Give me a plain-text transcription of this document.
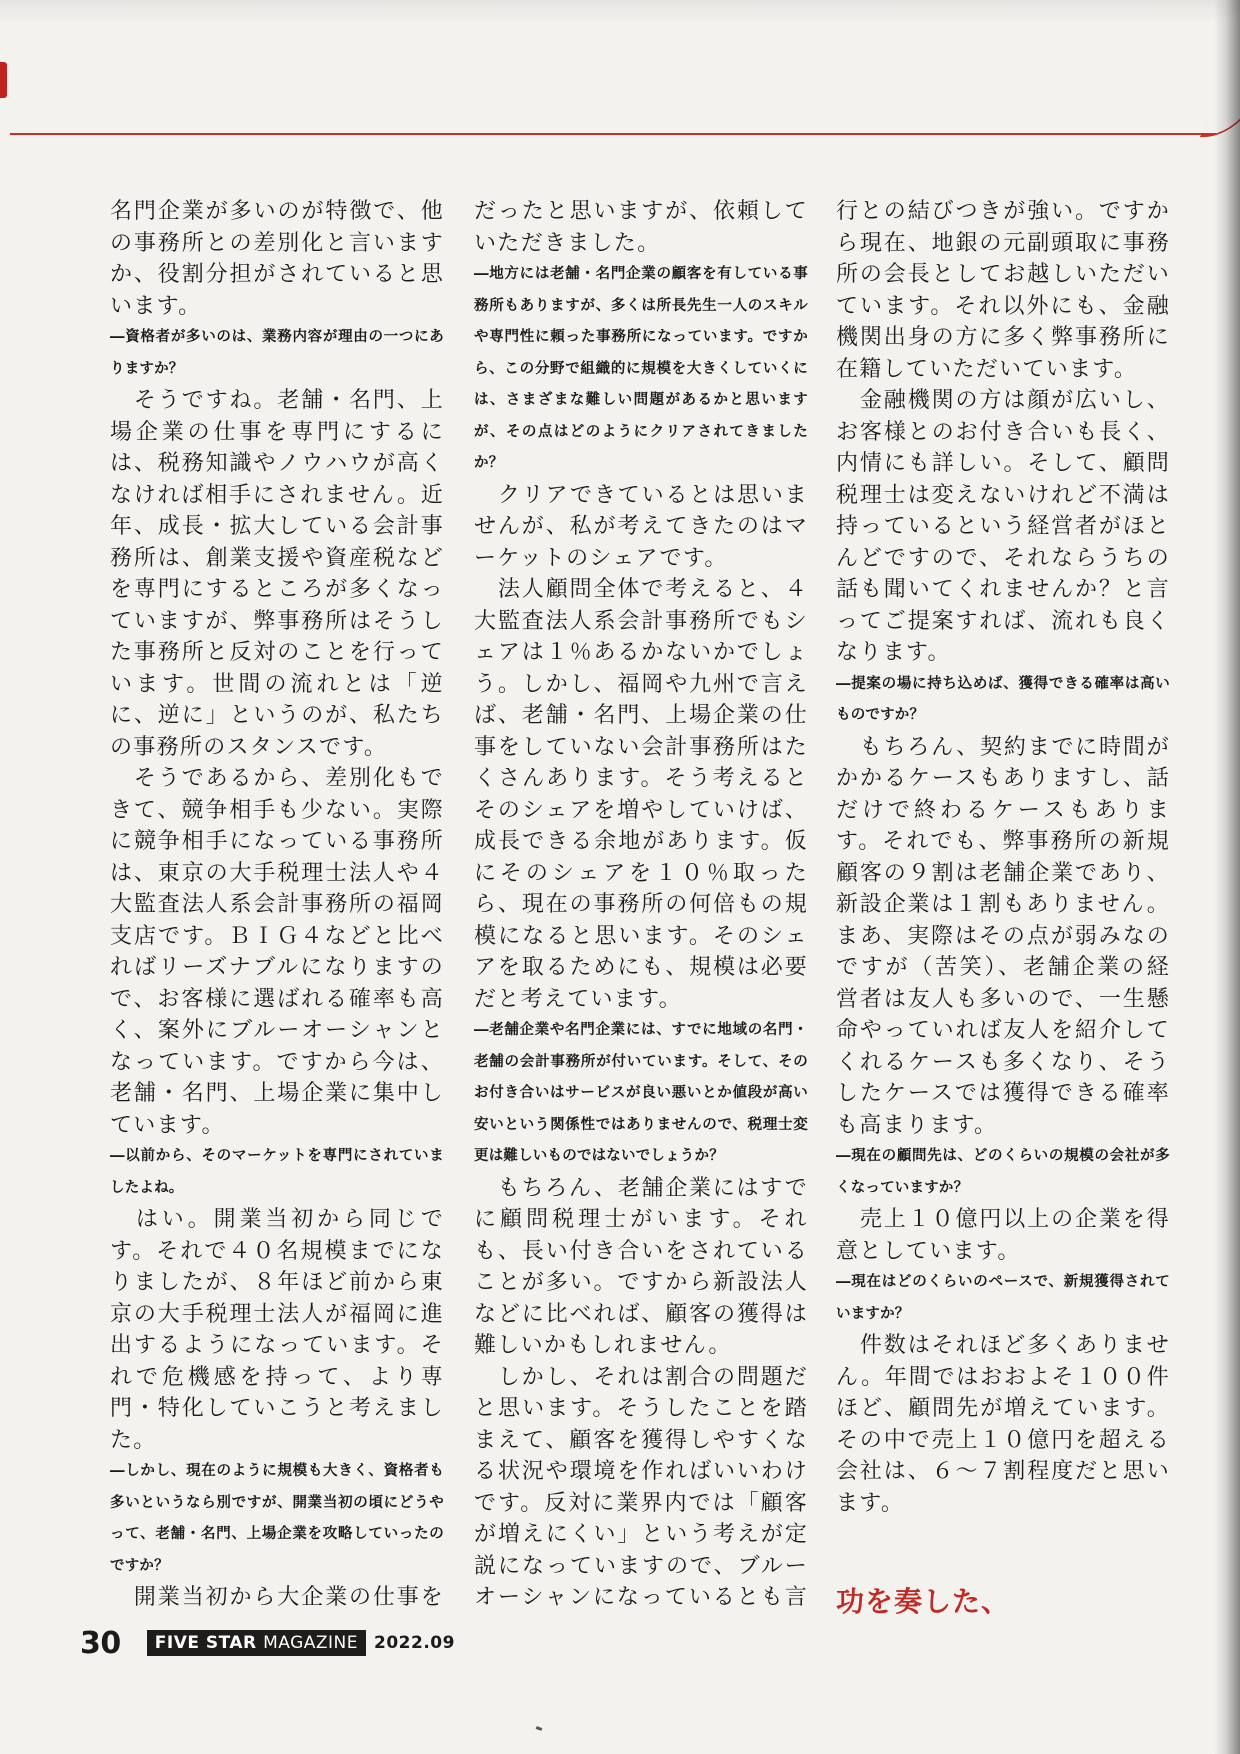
名門企業が多いのが特徴で、他の事務所との差別化と言いますか、役割分担がされていると思います。

―資格者が多いのは、業務内容が理由の一つにありますか？

　そうですね。老舗・名門、上場企業の仕事を専門にするには、税務知識やノウハウが高くなければ相手にされません。近年、成長・拡大している会計事務所は、創業支援や資産税などを専門にするところが多くなっていますが、弊事務所はそうした事務所と反対のことを行っています。世間の流れとは「逆に、逆に」というのが、私たちの事務所のスタンスです。

　そうであるから、差別化もできて、競争相手も少ない。実際に競争相手になっている事務所は、東京の大手税理士法人や４大監査法人系会計事務所の福岡支店です。ＢＩＧ４などと比べればリーズナブルになりますので、お客様に選ばれる確率も高く、案外にブルーオーシャンとなっています。ですから今は、老舗・名門、上場企業に集中しています。

―以前から、そのマーケットを専門にされていましたよね。

　はい。開業当初から同じです。それで４０名規模までになりましたが、８年ほど前から東京の大手税理士法人が福岡に進出するようになっています。それで危機感を持って、より専門・特化していこうと考えました。

―しかし、現在のように規模も大きく、資格者も多いというなら別ですが、開業当初の頃にどうやって、老舗・名門、上場企業を攻略していったのですか？

　開業当初から大企業の仕事を

だったと思いますが、依頼していただきました。

―地方には老舗・名門企業の顧客を有している事務所もありますが、多くは所長先生一人のスキルや専門性に頼った事務所になっています。ですから、この分野で組織的に規模を大きくしていくには、さまざまな難しい問題があるかと思いますが、その点はどのようにクリアされてきましたか？

　クリアできているとは思いませんが、私が考えてきたのはマーケットのシェアです。

　法人顧問全体で考えると、４大監査法人系会計事務所でもシェアは１％あるかないかでしょう。しかし、福岡や九州で言えば、老舗・名門、上場企業の仕事をしていない会計事務所はたくさんあります。そう考えるとそのシェアを増やしていけば、成長できる余地があります。仮にそのシェアを１０％取ったら、現在の事務所の何倍もの規模になると思います。そのシェアを取るためにも、規模は必要だと考えています。

―老舗企業や名門企業には、すでに地域の名門・老舗の会計事務所が付いています。そして、そのお付き合いはサービスが良い悪いとか値段が高い安いという関係性ではありませんので、税理士変更は難しいものではないでしょうか？

　もちろん、老舗企業にはすでに顧問税理士がいます。それも、長い付き合いをされていることが多い。ですから新設法人などに比べれば、顧客の獲得は難しいかもしれません。

　しかし、それは割合の問題だと思います。そうしたことを踏まえて、顧客を獲得しやすくなる状況や環境を作ればいいわけです。反対に業界内では「顧客が増えにくい」という考えが定説になっていますので、ブルーオーシャンになっているとも言

行との結びつきが強い。ですから現在、地銀の元副頭取に事務所の会長としてお越しいただいています。それ以外にも、金融機関出身の方に多く弊事務所に在籍していただいています。

　金融機関の方は顔が広いし、お客様とのお付き合いも長く、内情にも詳しい。そして、顧問税理士は変えないけれど不満は持っているという経営者がほとんどですので、それならうちの話も聞いてくれませんか？と言ってご提案すれば、流れも良くなります。

―提案の場に持ち込めば、獲得できる確率は高いものですか？

　もちろん、契約までに時間がかかるケースもありますし、話だけで終わるケースもあります。それでも、弊事務所の新規顧客の９割は老舗企業であり、新設企業は１割もありません。まあ、実際はその点が弱みなのですが（苦笑）、老舗企業の経営者は友人も多いので、一生懸命やっていれば友人を紹介してくれるケースも多くなり、そうしたケースでは獲得できる確率も高まります。

―現在の顧問先は、どのくらいの規模の会社が多くなっていますか？

　売上１０億円以上の企業を得意としています。

―現在はどのくらいのペースで、新規獲得されていますか？

　件数はそれほど多くありません。年間ではおおよそ１００件ほど、顧問先が増えています。その中で売上１０億円を超える会社は、６～７割程度だと思います。

功を奏した、

30	FIVE STAR MAGAZINE 2022.09
